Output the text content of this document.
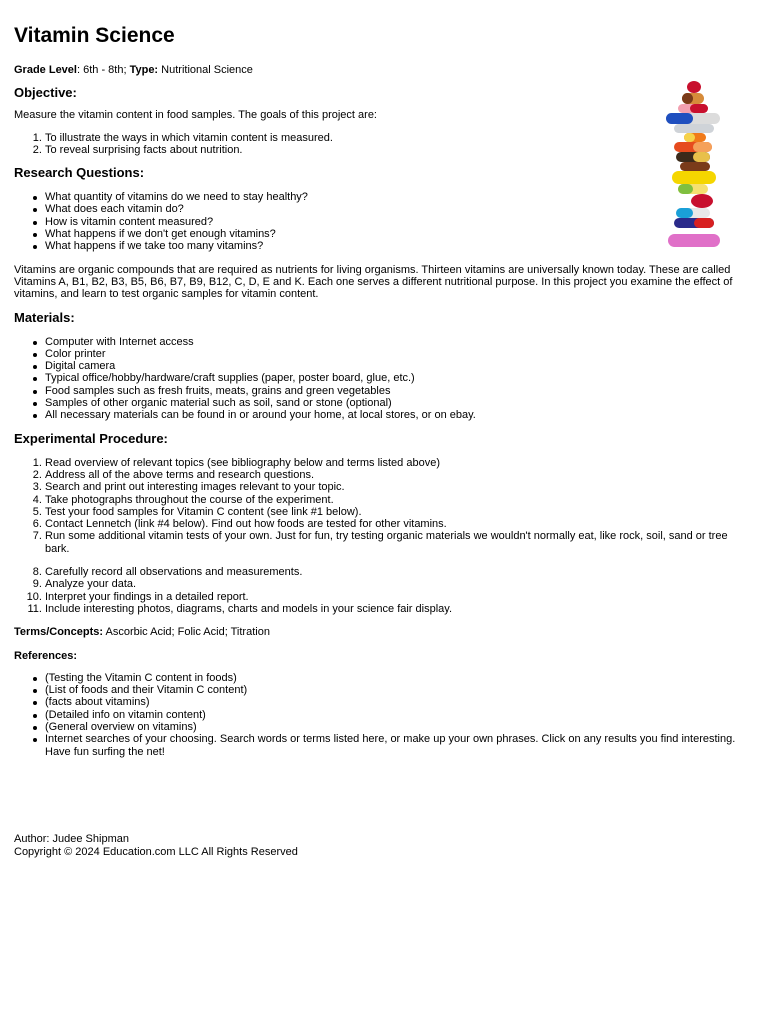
Vitamin Science

Grade Level: 6th - 8th; Type: Nutritional Science

Objective:

Measure the vitamin content in food samples. The goals of this project are:

1. To illustrate the ways in which vitamin content is measured.
2. To reveal surprising facts about nutrition.
Research Questions:
What quantity of vitamins do we need to stay healthy?
What does each vitamin do?
How is vitamin content measured?
What happens if we don't get enough vitamins?
What happens if we take too many vitamins?

Vitamins are organic compounds that are required as nutrients for living organisms. Thirteen vitamins are universally known today. These are called Vitamins A, B1, B2, B3, B5, B6, B7, B9, B12, C, D, E and K. Each one serves a different nutritional purpose. In this project you examine the effect of vitamins, and learn to test organic samples for vitamin content.

Materials:
Computer with Internet access
Color printer
Digital camera
Typical office/hobby/hardware/craft supplies (paper, poster board, glue, etc.)
Food samples such as fresh fruits, meats, grains and green vegetables
Samples of other organic material such as soil, sand or stone (optional)
All necessary materials can be found in or around your home, at local stores, or on ebay.
Experimental Procedure:
1. Read overview of relevant topics (see bibliography below and terms listed above)
2. Address all of the above terms and research questions.
3. Search and print out interesting images relevant to your topic.
4. Take photographs throughout the course of the experiment.
5. Test your food samples for Vitamin C content (see link #1 below).
6. Contact Lennetch (link #4 below). Find out how foods are tested for other vitamins.
7. Run some additional vitamin tests of your own. Just for fun, try testing organic materials we wouldn't normally eat, like rock, soil, sand or tree bark.
8. Carefully record all observations and measurements.
9. Analyze your data.
10. Interpret your findings in a detailed report.
11. Include interesting photos, diagrams, charts and models in your science fair display.

Terms/Concepts: Ascorbic Acid; Folic Acid; Titration

References:

(Testing the Vitamin C content in foods)
(List of foods and their Vitamin C content)
(facts about vitamins)
(Detailed info on vitamin content)
(General overview on vitamins)
Internet searches of your choosing. Search words or terms listed here, or make up your own phrases. Click on any results you find interesting. Have fun surfing the net!
Author: Judee Shipman
Copyright © 2024 Education.com LLC All Rights Reserved
